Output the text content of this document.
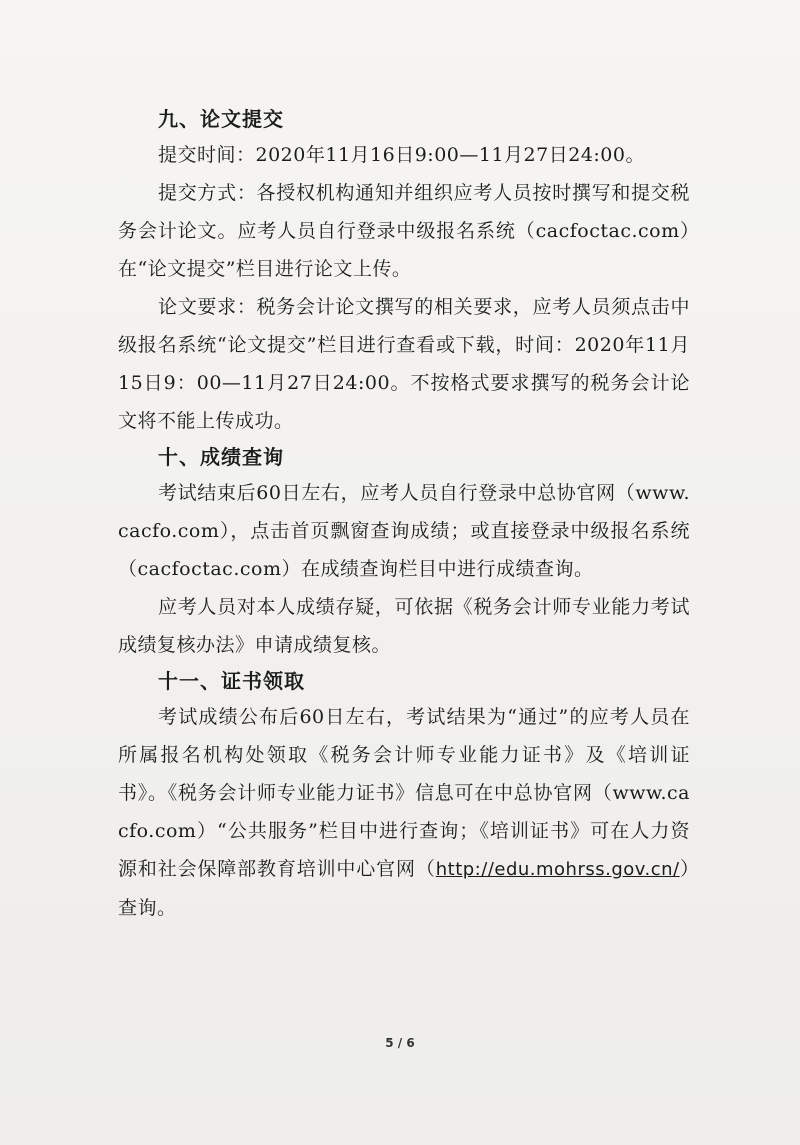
九、论文提交

提交时间：2020年11月16日9:00—11月27日24:00。

提交方式：各授权机构通知并组织应考人员按时撰写和提交税务会计论文。应考人员自行登录中级报名系统（cacfoctac.com）在“论文提交”栏目进行论文上传。

论文要求：税务会计论文撰写的相关要求，应考人员须点击中级报名系统“论文提交”栏目进行查看或下载，时间：2020年11月15日9：00—11月27日24:00。不按格式要求撰写的税务会计论文将不能上传成功。

十、成绩查询

考试结束后60日左右，应考人员自行登录中总协官网（www.cacfo.com），点击首页飘窗查询成绩；或直接登录中级报名系统（cacfoctac.com）在成绩查询栏目中进行成绩查询。

应考人员对本人成绩存疑，可依据《税务会计师专业能力考试成绩复核办法》申请成绩复核。

十一、证书领取

考试成绩公布后60日左右，考试结果为“通过”的应考人员在所属报名机构处领取《税务会计师专业能力证书》及《培训证书》。《税务会计师专业能力证书》信息可在中总协官网（www.cacfo.com）“公共服务”栏目中进行查询；《培训证书》可在人力资源和社会保障部教育培训中心官网（http://edu.mohrss.gov.cn/）查询。

5 / 6
